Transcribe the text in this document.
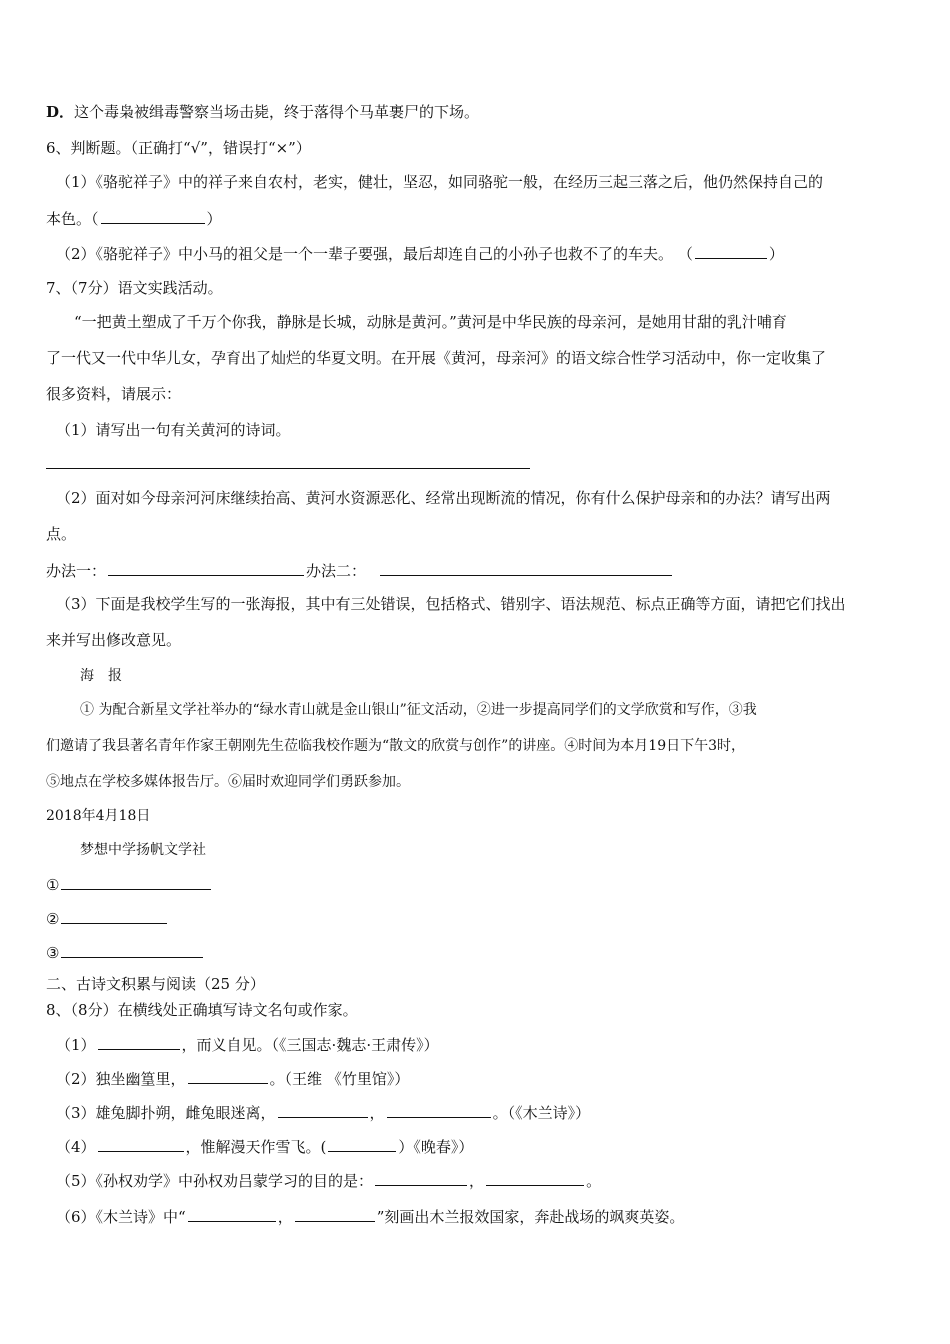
D．这个毒枭被缉毒警察当场击毙，终于落得个马革裹尸的下场。
6、判断题。（正确打“√”，错误打“×”）
（1）《骆驼祥子》中的祥子来自农村，老实，健壮，坚忍，如同骆驼一般，在经历三起三落之后，他仍然保持自己的
本色。（	）
（2）《骆驼祥子》中小马的祖父是一个一辈子要强，最后却连自己的小孙子也救不了的车夫。 （	）
7、（7分）语文实践活动。
“一把黄土塑成了千万个你我，静脉是长城，动脉是黄河。”黄河是中华民族的母亲河，是她用甘甜的乳汁哺育
了一代又一代中华儿女，孕育出了灿烂的华夏文明。在开展《黄河，母亲河》的语文综合性学习活动中，你一定收集了
很多资料，请展示：
（1）请写出一句有关黄河的诗词。
（2）面对如今母亲河河床继续抬高、黄河水资源恶化、经常出现断流的情况，你有什么保护母亲和的办法？请写出两
点。
办法一：	办法二：
（3）下面是我校学生写的一张海报，其中有三处错误，包括格式、错别字、语法规范、标点正确等方面，请把它们找出
来并写出修改意见。
海　报
① 为配合新星文学社举办的“绿水青山就是金山银山”征文活动，②进一步提高同学们的文学欣赏和写作，③我
们邀请了我县著名青年作家王朝刚先生莅临我校作题为“散文的欣赏与创作”的讲座。④时间为本月19日下午3时，
⑤地点在学校多媒体报告厅。⑥届时欢迎同学们勇跃参加。
2018年4月18日
梦想中学扬帆文学社
①
②
③
二、古诗文积累与阅读（25 分）
8、（8分）在横线处正确填写诗文名句或作家。
（1）	，而义自见。（《三国志·魏志·王肃传》）
（2）独坐幽篁里，	。（王维 《竹里馆》）
（3）雄兔脚扑朔，雌兔眼迷离，	，	。（《木兰诗》）
（4）	，惟解漫天作雪飞。(	）《晚春》）
（5）《孙权劝学》中孙权劝吕蒙学习的目的是：	，	。
（6）《木兰诗》中“	，	”刻画出木兰报效国家，奔赴战场的飒爽英姿。
